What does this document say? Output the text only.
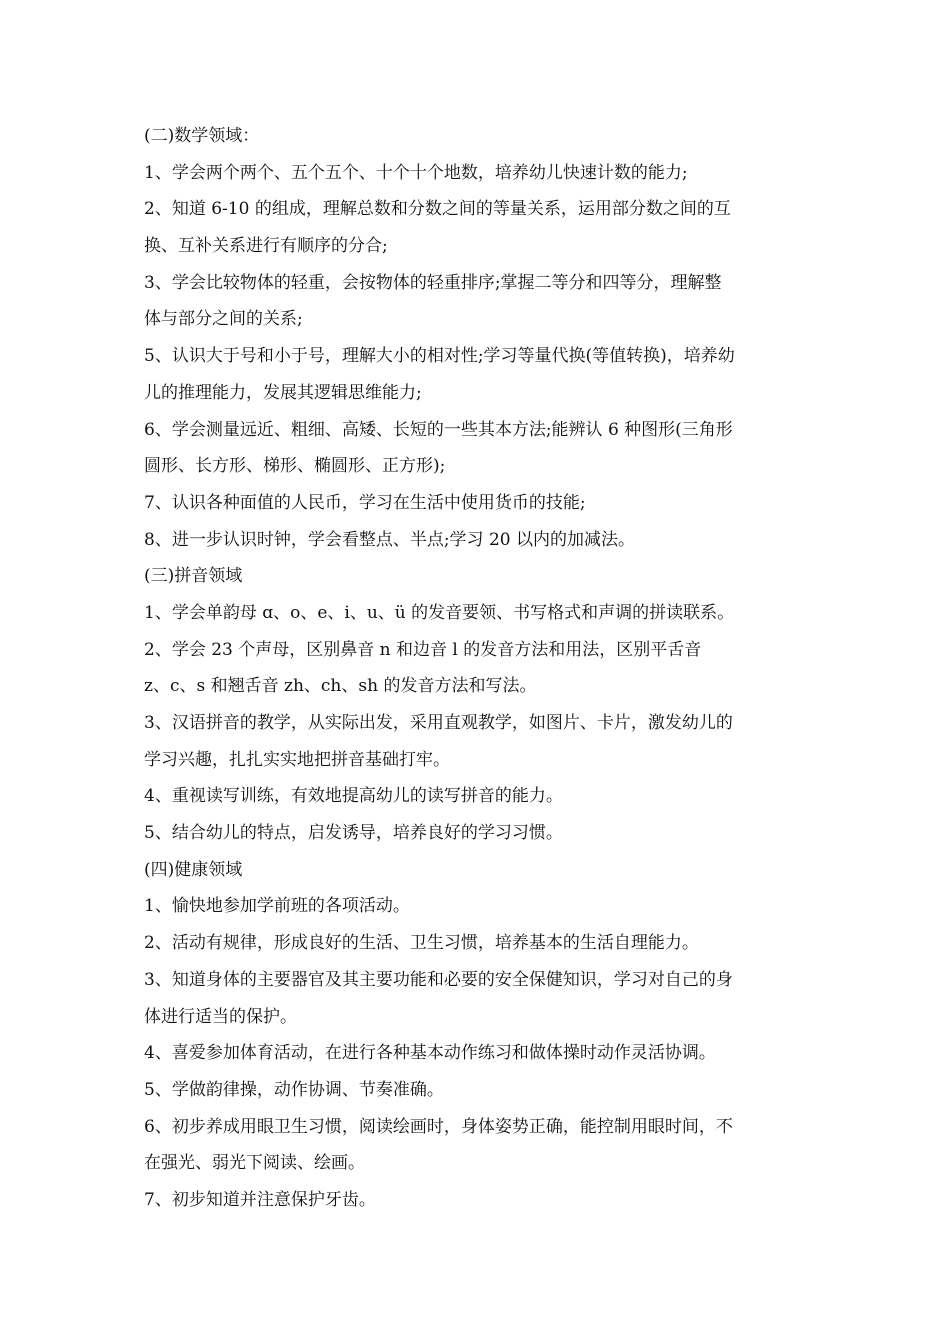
(二)数学领域：
1、学会两个两个、五个五个、十个十个地数，培养幼儿快速计数的能力;
2、知道 6-10 的组成，理解总数和分数之间的等量关系，运用部分数之间的互
换、互补关系进行有顺序的分合;
3、学会比较物体的轻重，会按物体的轻重排序;掌握二等分和四等分，理解整
体与部分之间的关系;
5、认识大于号和小于号，理解大小的相对性;学习等量代换(等值转换)，培养幼
儿的推理能力，发展其逻辑思维能力;
6、学会测量远近、粗细、高矮、长短的一些其本方法;能辨认 6 种图形(三角形
圆形、长方形、梯形、椭圆形、正方形);
7、认识各种面值的人民币，学习在生活中使用货币的技能;
8、进一步认识时钟，学会看整点、半点;学习 20 以内的加减法。
(三)拼音领域
1、学会单韵母 ɑ、o、e、i、u、ü 的发音要领、书写格式和声调的拼读联系。
2、学会 23 个声母，区别鼻音 n 和边音 l 的发音方法和用法，区别平舌音
z、c、s 和翘舌音 zh、ch、sh 的发音方法和写法。
3、汉语拼音的教学，从实际出发，采用直观教学，如图片、卡片，激发幼儿的
学习兴趣，扎扎实实地把拼音基础打牢。
4、重视读写训练，有效地提高幼儿的读写拼音的能力。
5、结合幼儿的特点，启发诱导，培养良好的学习习惯。
(四)健康领域
1、愉快地参加学前班的各项活动。
2、活动有规律，形成良好的生活、卫生习惯，培养基本的生活自理能力。
3、知道身体的主要器官及其主要功能和必要的安全保健知识，学习对自己的身
体进行适当的保护。
4、喜爱参加体育活动，在进行各种基本动作练习和做体操时动作灵活协调。
5、学做韵律操，动作协调、节奏准确。
6、初步养成用眼卫生习惯，阅读绘画时，身体姿势正确，能控制用眼时间，不
在强光、弱光下阅读、绘画。
7、初步知道并注意保护牙齿。
